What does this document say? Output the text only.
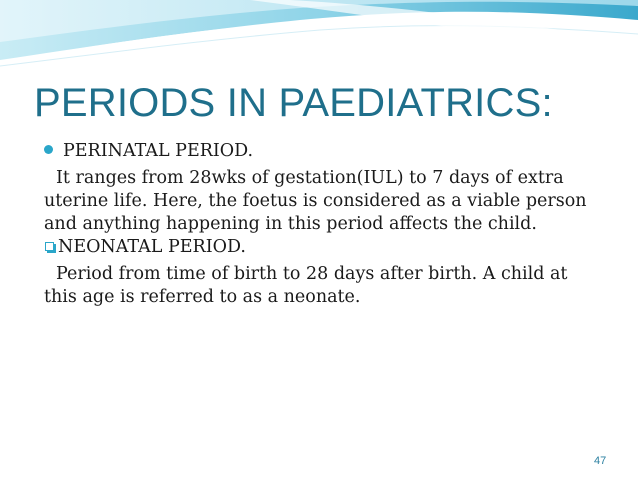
PERIODS IN PAEDIATRICS:
PERINATAL PERIOD.
It ranges from 28wks of gestation(IUL) to 7 days of extra
uterine life. Here, the foetus is considered as a viable person
and anything happening in this period affects the child.
NEONATAL PERIOD.
Period from time of birth to 28 days after birth. A child at
this age is referred to as a neonate.
47
